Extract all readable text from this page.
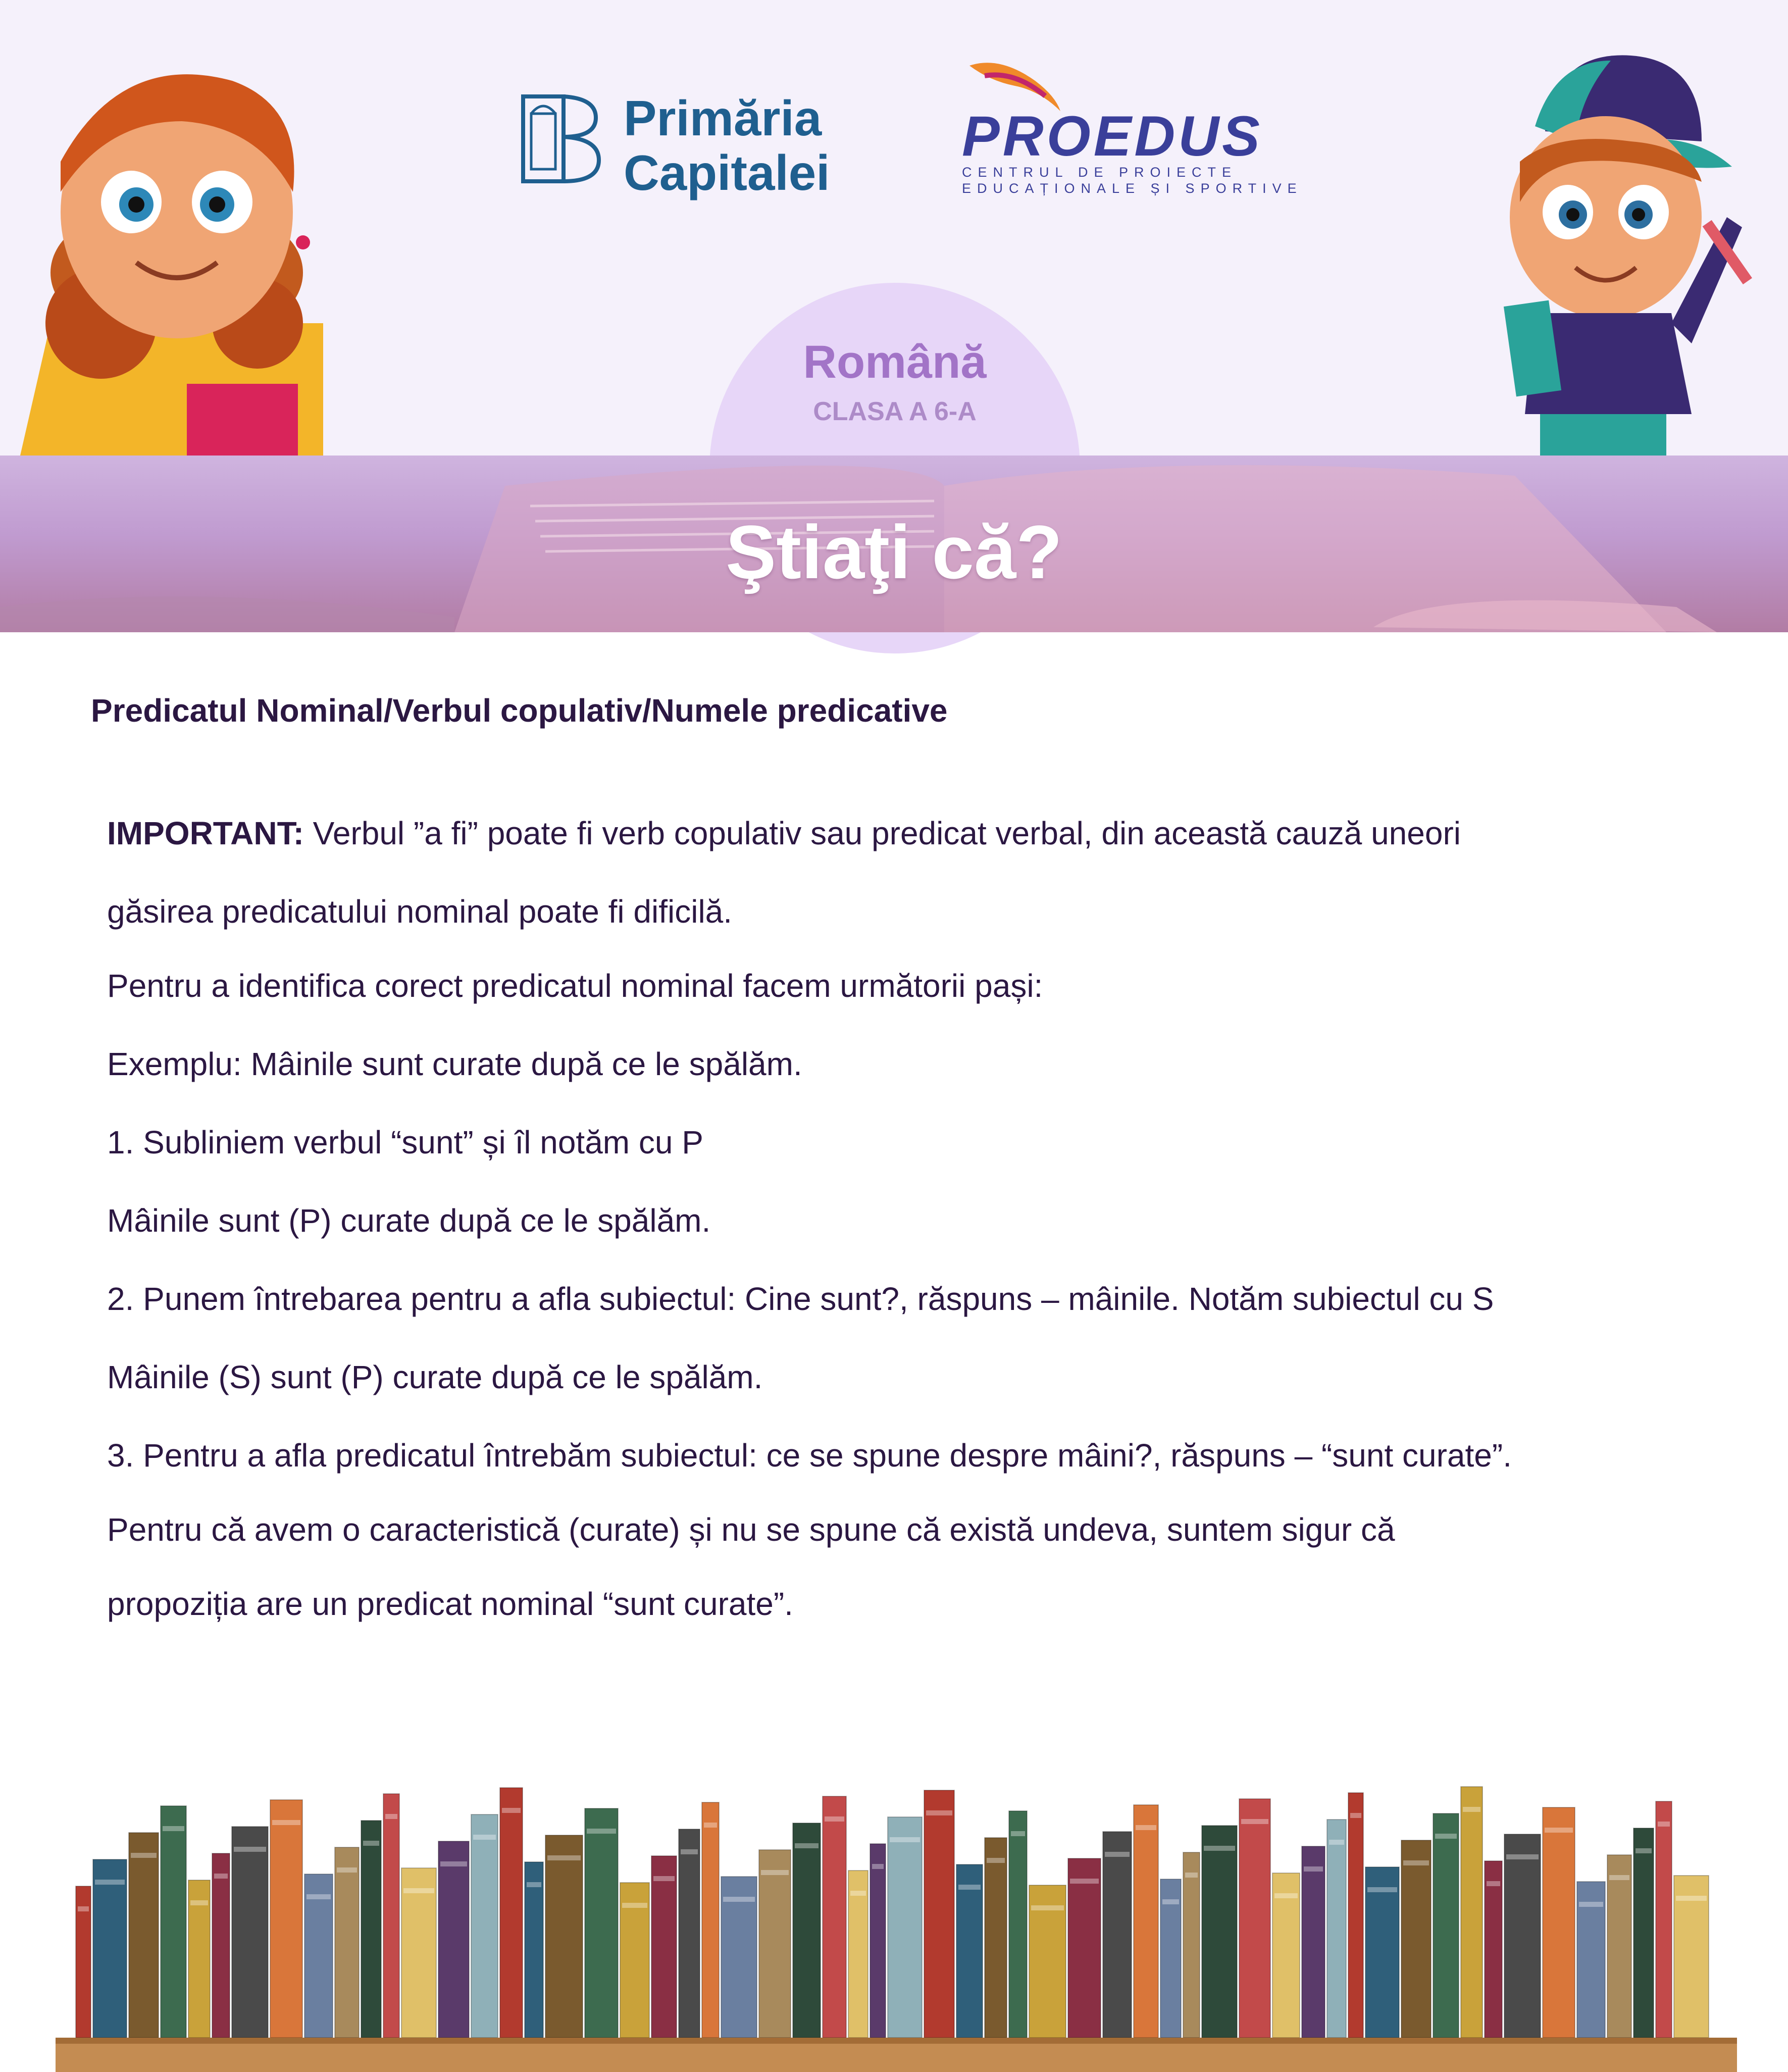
Primăria
Capitalei
PROEDUS
CENTRUL DE PROIECTE
EDUCAȚIONALE ȘI SPORTIVE
Română
CLASA A 6-A
Ştiaţi că?
Predicatul Nominal/Verbul copulativ/Numele predicative
IMPORTANT: Verbul ”a fi” poate fi verb copulativ sau predicat verbal, din această cauză uneori
găsirea predicatului nominal poate fi dificilă.
Pentru a identifica corect predicatul nominal facem următorii pași:
Exemplu: Mâinile sunt curate după ce le spălăm.
1. Subliniem verbul “sunt” și îl notăm cu P
Mâinile sunt (P) curate după ce le spălăm.
2. Punem întrebarea pentru a afla subiectul: Cine sunt?, răspuns – mâinile. Notăm subiectul cu S
Mâinile (S) sunt (P) curate după ce le spălăm.
3. Pentru a afla predicatul întrebăm subiectul: ce se spune despre mâini?, răspuns – “sunt curate”.
Pentru că avem o caracteristică (curate) și nu se spune că există undeva, suntem sigur că
propoziția are un predicat nominal “sunt curate”.
